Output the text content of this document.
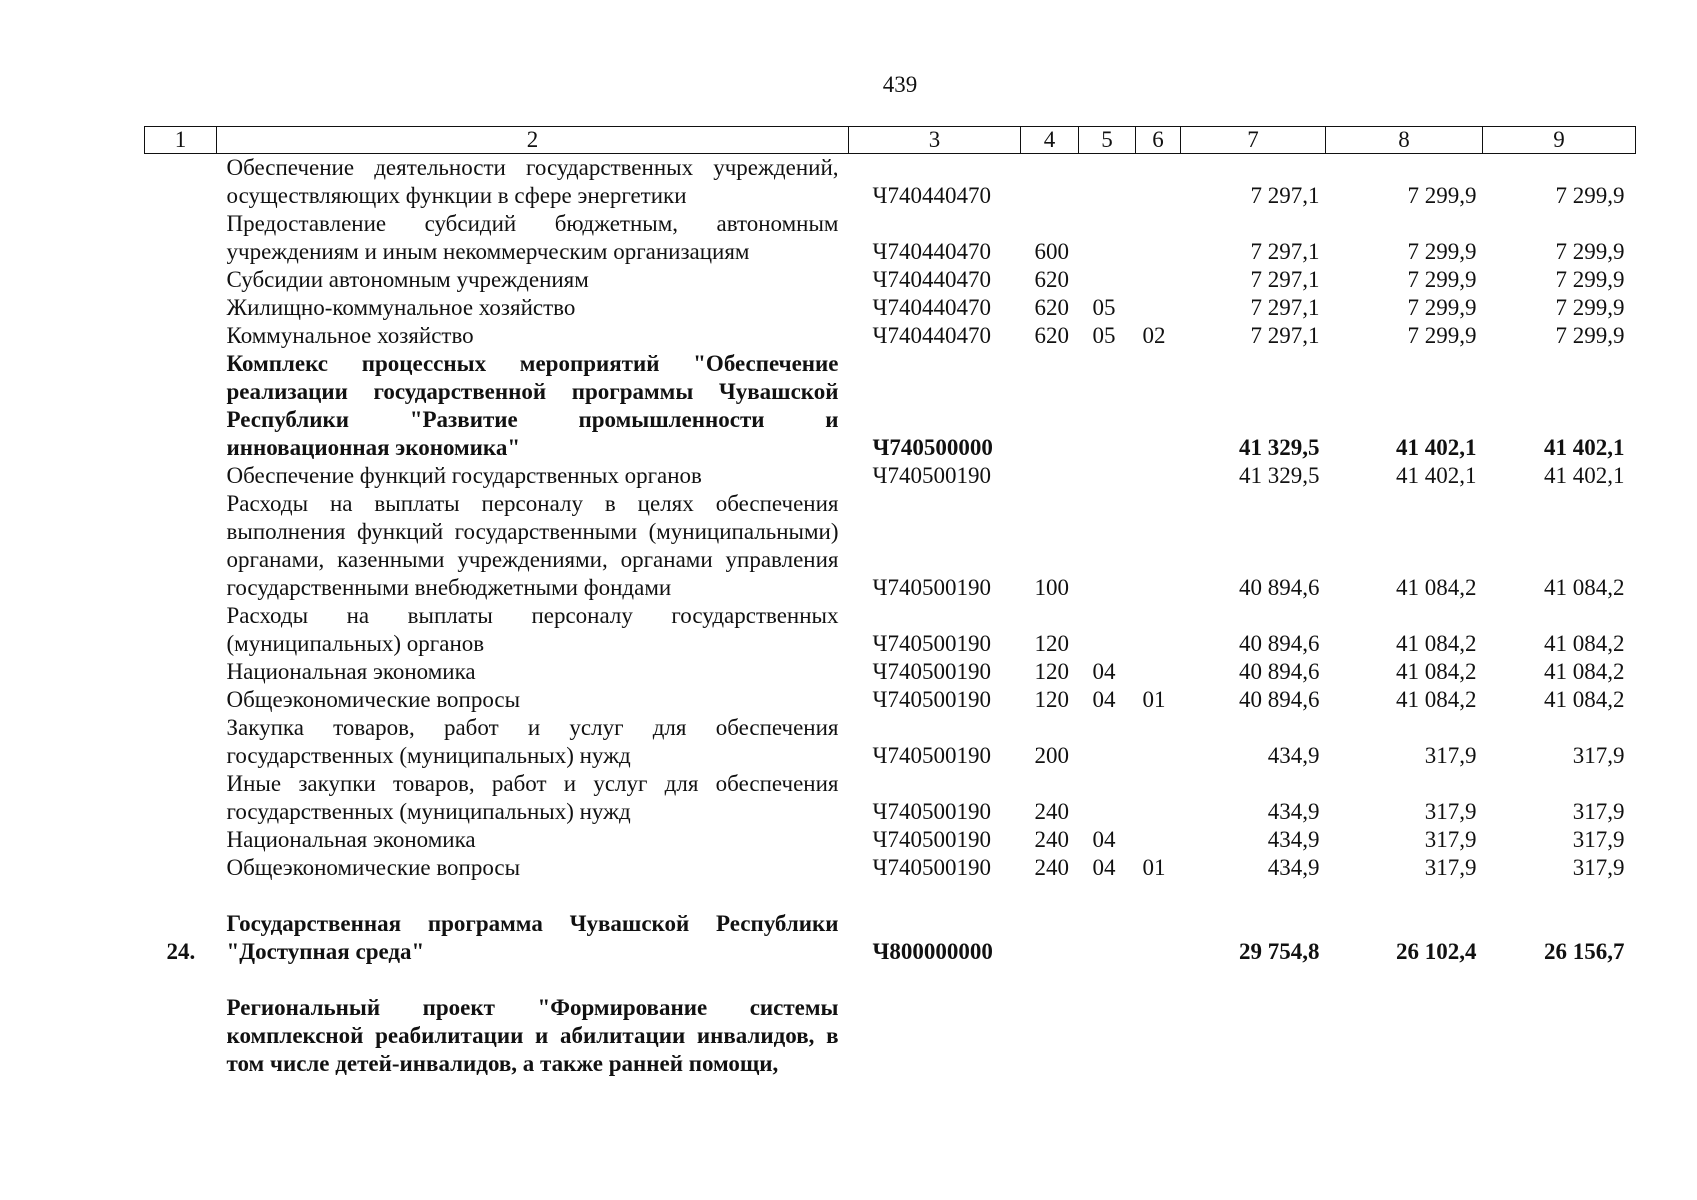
439
1	2	3	4	5	6	7	8	9
	Обеспечение деятельности государственных учреждений, осуществляющих функции в сфере энергетики	Ч740440470				7 297,1	7 299,9	7 299,9
	Предоставление субсидий бюджетным, автономным учреждениям и иным некоммерческим организациям	Ч740440470	600			7 297,1	7 299,9	7 299,9
	Субсидии автономным учреждениям	Ч740440470	620			7 297,1	7 299,9	7 299,9
	Жилищно-коммунальное хозяйство	Ч740440470	620	05		7 297,1	7 299,9	7 299,9
	Коммунальное хозяйство	Ч740440470	620	05	02	7 297,1	7 299,9	7 299,9
	Комплекс процессных мероприятий "Обеспечение реализации государственной программы Чувашской Республики "Развитие промышленности и инновационная экономика"	Ч740500000				41 329,5	41 402,1	41 402,1
	Обеспечение функций государственных органов	Ч740500190				41 329,5	41 402,1	41 402,1
	Расходы на выплаты персоналу в целях обеспечения выполнения функций государственными (муниципальными) органами, казенными учреждениями, органами управления государственными внебюджетными фондами	Ч740500190	100			40 894,6	41 084,2	41 084,2
	Расходы на выплаты персоналу государственных (муниципальных) органов	Ч740500190	120			40 894,6	41 084,2	41 084,2
	Национальная экономика	Ч740500190	120	04		40 894,6	41 084,2	41 084,2
	Общеэкономические вопросы	Ч740500190	120	04	01	40 894,6	41 084,2	41 084,2
	Закупка товаров, работ и услуг для обеспечения государственных (муниципальных) нужд	Ч740500190	200			434,9	317,9	317,9
	Иные закупки товаров, работ и услуг для обеспечения государственных (муниципальных) нужд	Ч740500190	240			434,9	317,9	317,9
	Национальная экономика	Ч740500190	240	04		434,9	317,9	317,9
	Общеэкономические вопросы	Ч740500190	240	04	01	434,9	317,9	317,9

24.	Государственная программа Чувашской Республики "Доступная среда"	Ч800000000				29 754,8	26 102,4	26 156,7

	Региональный проект "Формирование системы комплексной реабилитации и абилитации инвалидов, в том числе детей-инвалидов, а также ранней помощи,							
